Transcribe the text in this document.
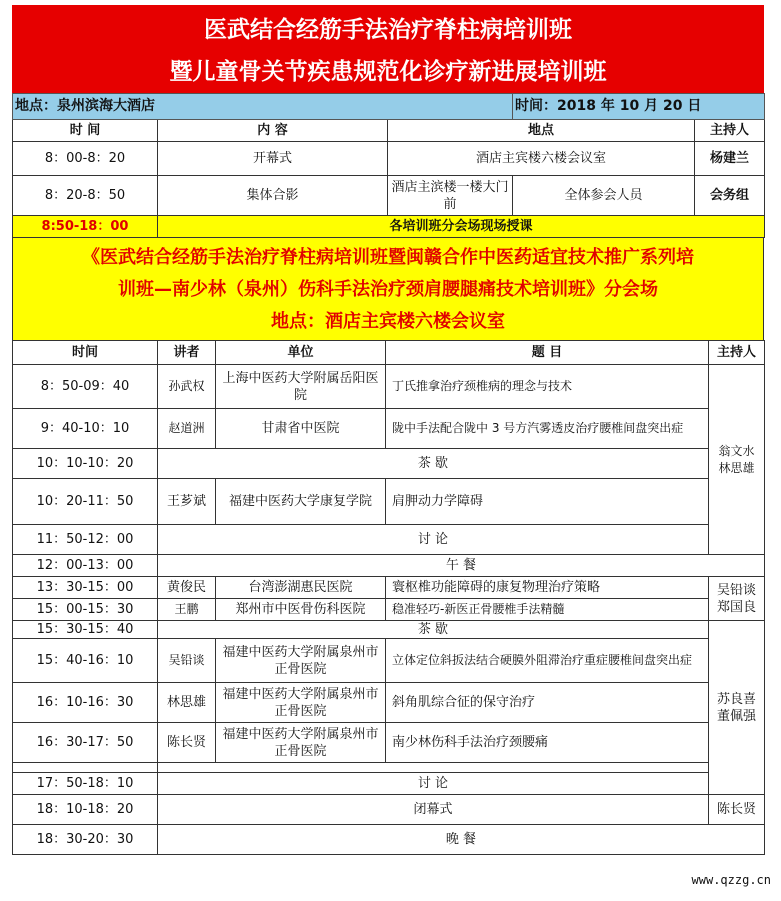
医武结合经筋手法治疗脊柱病培训班
暨儿童骨关节疾患规范化诊疗新进展培训班
地点：泉州滨海大酒店			时间：2018 年 10 月 20 日	
时 间	内 容	地点		主持人
8：00-8：20	开幕式	酒店主宾楼六楼会议室		杨建兰
8：20-8：50	集体合影	酒店主滨楼一楼大门前	全体参会人员	会务组
8:50-18：00	各培训班分会场现场授课			
《医武结合经筋手法治疗脊柱病培训班暨闽赣合作中医药适宜技术推广系列培
训班—南少林（泉州）伤科手法治疗颈肩腰腿痛技术培训班》分会场
地点：酒店主宾楼六楼会议室
时间	讲者	单位	题 目	主持人
8：50-09：40	孙武权	上海中医药大学附属岳阳医院	丁氏推拿治疗颈椎病的理念与技术	翁文水
林思雄
9：40-10：10	赵道洲	甘肃省中医院	陇中手法配合陇中 3 号方汽雾透皮治疗腰椎间盘突出症	
10：10-10：20	茶 歇			
10：20-11：50	王芗斌	福建中医药大学康复学院	肩胛动力学障碍	
11：50-12：00	讨 论			
12：00-13：00	午 餐			
13：30-15：00	黄俊民	台湾澎湖惠民医院	寰枢椎功能障碍的康复物理治疗策略	吴铅谈
郑国良
15：00-15：30	王鹏	郑州市中医骨伤科医院	稳准轻巧-新医正骨腰椎手法精髓	
15：30-15：40	茶 歇			苏良喜
董佩强
15：40-16：10	吴铅谈	福建中医药大学附属泉州市正骨医院	立体定位斜扳法结合硬膜外阻滞治疗重症腰椎间盘突出症	
16：10-16：30	林思雄	福建中医药大学附属泉州市正骨医院	斜角肌综合征的保守治疗	
16：30-17：50	陈长贤	福建中医药大学附属泉州市正骨医院	南少林伤科手法治疗颈腰痛	

17：50-18：10	讨 论			
18：10-18：20	闭幕式			陈长贤
18：30-20：30	晚 餐			
www.qzzg.cn
